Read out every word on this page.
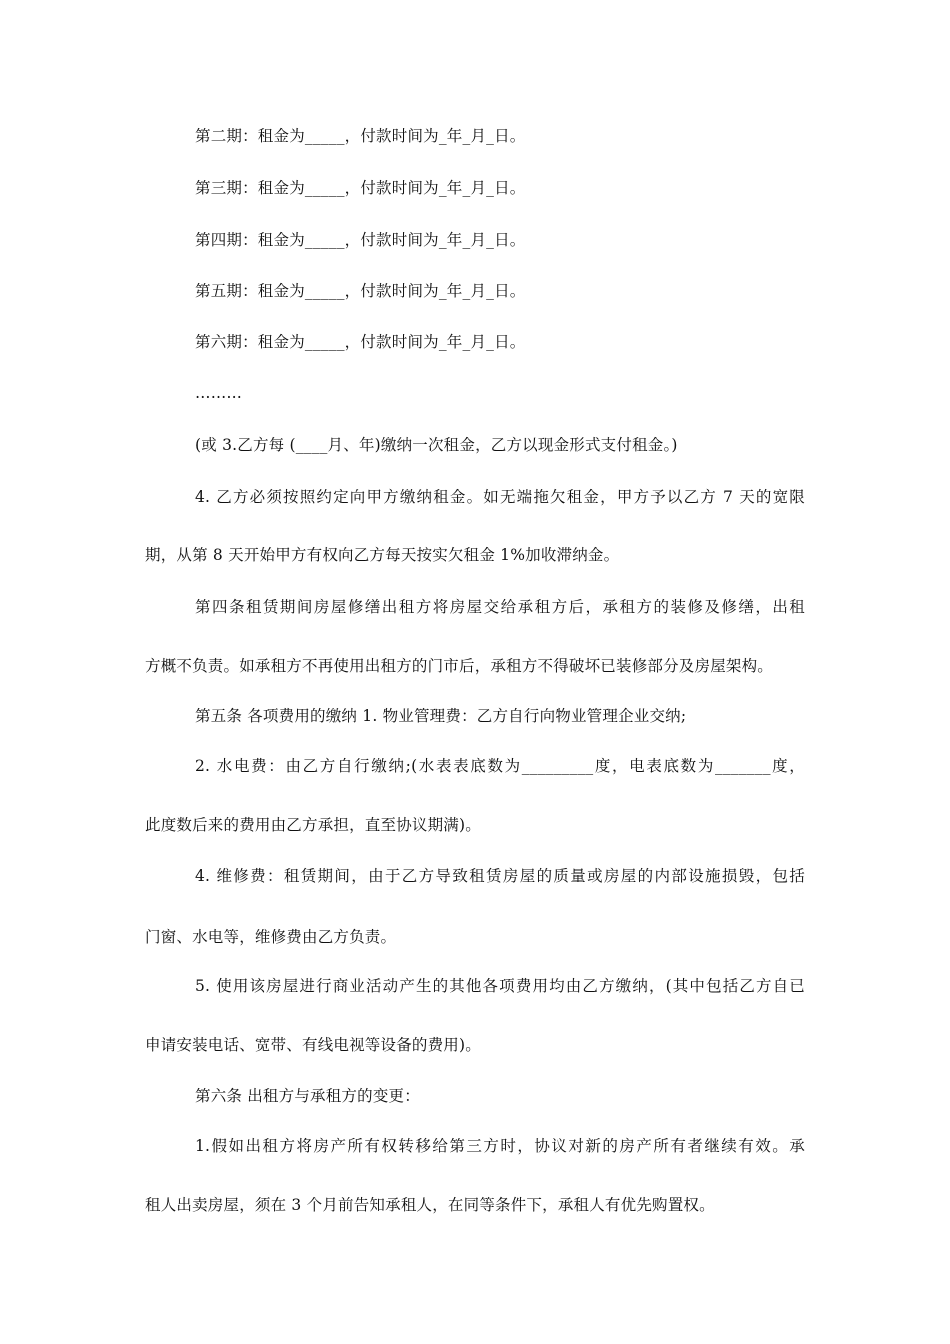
第二期：租金为_____，付款时间为_年_月_日。
第三期：租金为_____，付款时间为_年_月_日。
第四期：租金为_____，付款时间为_年_月_日。
第五期：租金为_____，付款时间为_年_月_日。
第六期：租金为_____，付款时间为_年_月_日。
………
(或 3.乙方每 (____月、年)缴纳一次租金，乙方以现金形式支付租金。)
4. 乙方必须按照约定向甲方缴纳租金。如无端拖欠租金，甲方予以乙方 7 天的宽限
期，从第 8 天开始甲方有权向乙方每天按实欠租金 1%加收滞纳金。
第四条租赁期间房屋修缮出租方将房屋交给承租方后，承租方的装修及修缮，出租
方概不负责。如承租方不再使用出租方的门市后，承租方不得破坏已装修部分及房屋架构。
第五条 各项费用的缴纳 1. 物业管理费：乙方自行向物业管理企业交纳;
2. 水电费：由乙方自行缴纳;(水表表底数为_________度，电表底数为_______度，
此度数后来的费用由乙方承担，直至协议期满)。
4. 维修费：租赁期间，由于乙方导致租赁房屋的质量或房屋的内部设施损毁，包括
门窗、水电等，维修费由乙方负责。
5. 使用该房屋进行商业活动产生的其他各项费用均由乙方缴纳，(其中包括乙方自已
申请安装电话、宽带、有线电视等设备的费用)。
第六条 出租方与承租方的变更：
1.假如出租方将房产所有权转移给第三方时，协议对新的房产所有者继续有效。承
租人出卖房屋，须在 3 个月前告知承租人，在同等条件下，承租人有优先购置权。
